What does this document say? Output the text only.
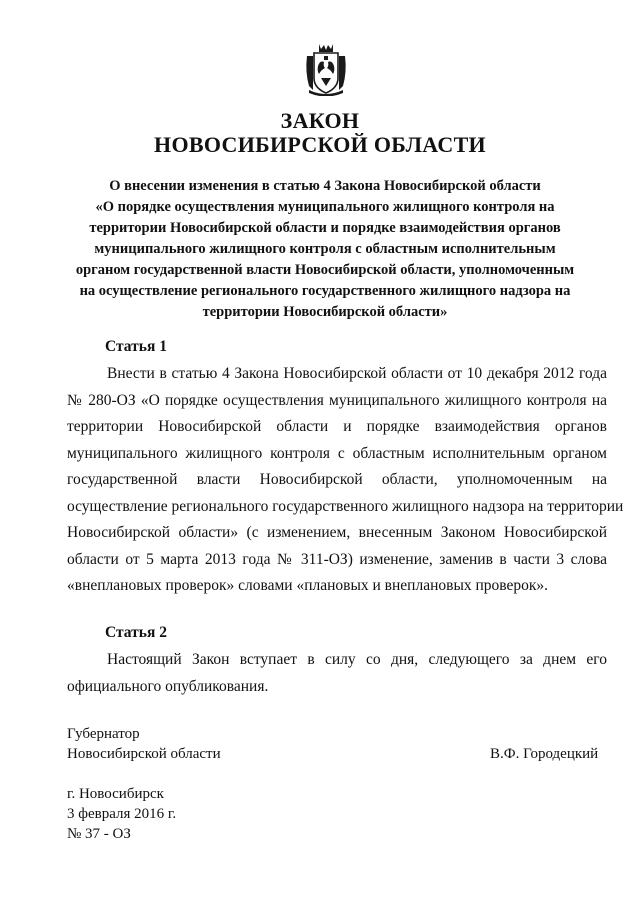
ЗАКОН
НОВОСИБИРСКОЙ ОБЛАСТИ
О внесении изменения в статью 4 Закона Новосибирской области
«О порядке осуществления муниципального жилищного контроля на
территории Новосибирской области и порядке взаимодействия органов
муниципального жилищного контроля с областным исполнительным
органом государственной власти Новосибирской области, уполномоченным
на осуществление регионального государственного жилищного надзора на
территории Новосибирской области»
Статья 1
Внести в статью 4 Закона Новосибирской области от 10 декабря 2012 года
№ 280-ОЗ «О порядке осуществления муниципального жилищного контроля на
территории Новосибирской области и порядке взаимодействия органов
муниципального жилищного контроля с областным исполнительным органом
государственной власти Новосибирской области, уполномоченным на
осуществление регионального государственного жилищного надзора на территории
Новосибирской области» (с изменением, внесенным Законом Новосибирской
области от 5 марта 2013 года № 311-ОЗ) изменение, заменив в части 3 слова
«внеплановых проверок» словами «плановых и внеплановых проверок».
Статья 2
Настоящий Закон вступает в силу со дня, следующего за днем его
официального опубликования.
Губернатор
Новосибирской области	В.Ф. Городецкий
г. Новосибирск
3 февраля 2016 г.
№ 37 - ОЗ
